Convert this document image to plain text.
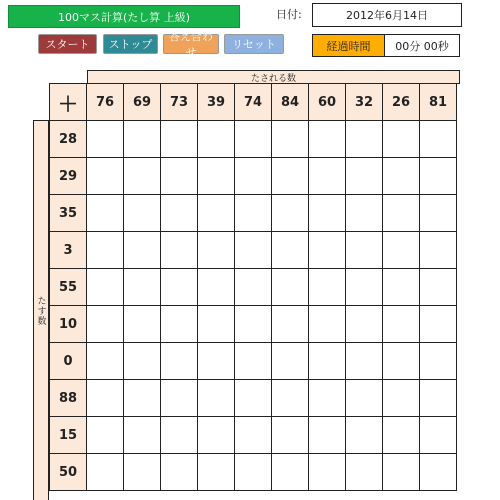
100マス計算(たし算 上級)	日付:	2012年6月14日
スタート	ストップ
答え合わせ
リセット	経過時間	00分 00秒
たされる数
たす数
＋	76	69	73	39	74	84	60	32	26	81
28										
29										
35										
3										
55										
10										
0										
88										
15										
50										
